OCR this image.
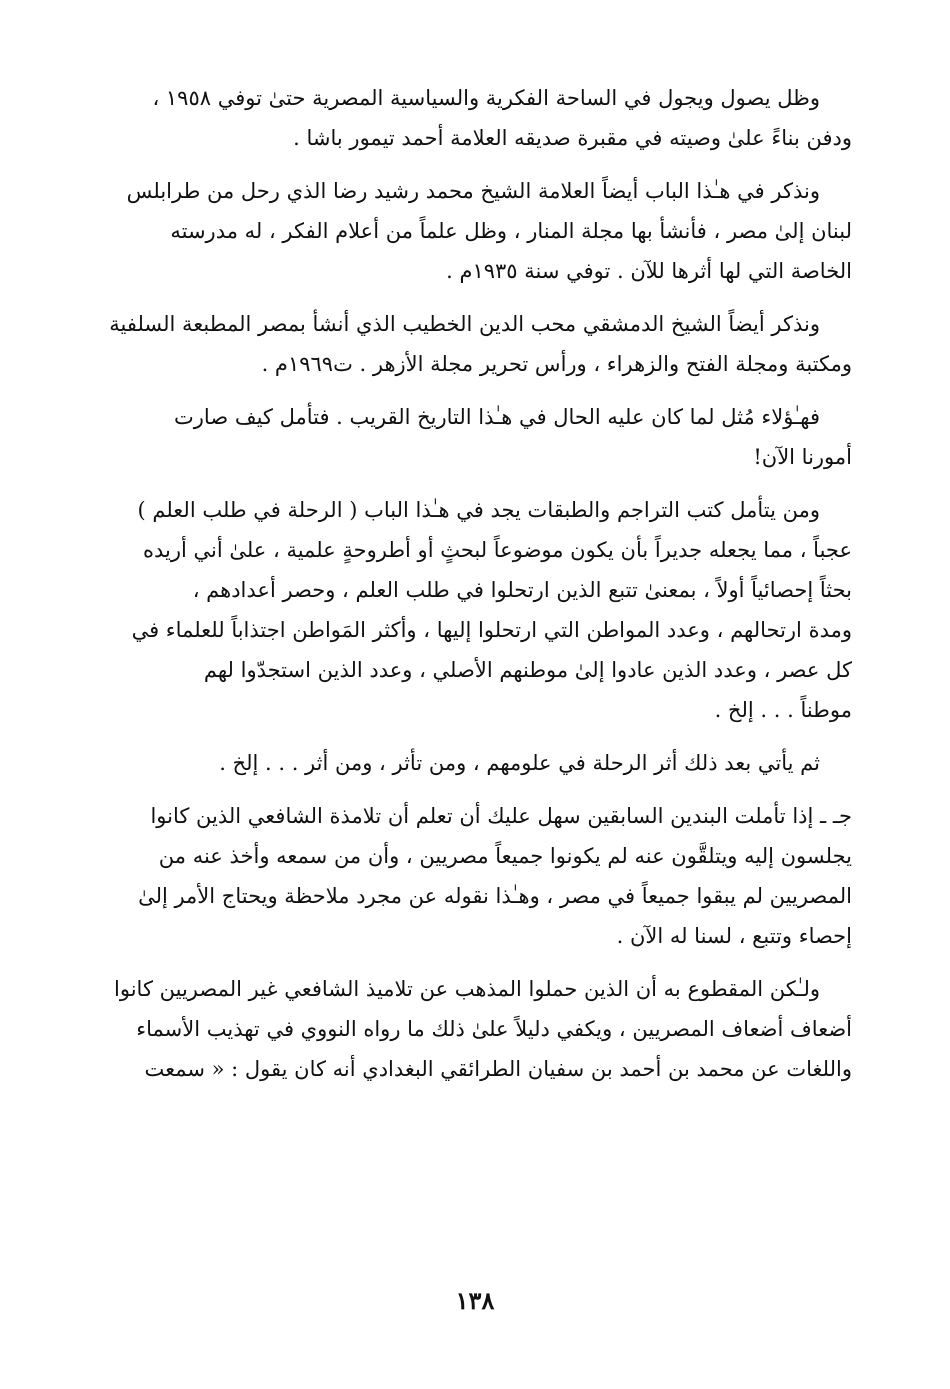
وظل يصول ويجول في الساحة الفكرية والسياسية المصرية حتىٰ توفي ١٩٥٨ ،
ودفن بناءً علىٰ وصيته في مقبرة صديقه العلامة أحمد تيمور باشا .
ونذكر في هـٰذا الباب أيضاً العلامة الشيخ محمد رشيد رضا الذي رحل من طرابلس
لبنان إلىٰ مصر ، فأنشأ بها مجلة المنار ، وظل علماً من أعلام الفكر ، له مدرسته
الخاصة التي لها أثرها للآن . توفي سنة ١٩٣٥م .
ونذكر أيضاً الشيخ الدمشقي محب الدين الخطيب الذي أنشأ بمصر المطبعة السلفية
ومكتبة ومجلة الفتح والزهراء ، ورأس تحرير مجلة الأزهر . ت١٩٦٩م .
فهـٰؤلاء مُثل لما كان عليه الحال في هـٰذا التاريخ القريب . فتأمل كيف صارت
أمورنا الآن!
ومن يتأمل كتب التراجم والطبقات يجد في هـٰذا الباب ( الرحلة في طلب العلم )
عجباً ، مما يجعله جديراً بأن يكون موضوعاً لبحثٍ أو أطروحةٍ علمية ، علىٰ أني أريده
بحثاً إحصائياً أولاً ، بمعنىٰ تتبع الذين ارتحلوا في طلب العلم ، وحصر أعدادهم ،
ومدة ارتحالهم ، وعدد المواطن التي ارتحلوا إليها ، وأكثر المَواطن اجتذاباً للعلماء في
كل عصر ، وعدد الذين عادوا إلىٰ موطنهم الأصلي ، وعدد الذين استجدّوا لهم
موطناً . . . إلخ .
ثم يأتي بعد ذلك أثر الرحلة في علومهم ، ومن تأثر ، ومن أثر . . . إلخ .
جـ ـ إذا تأملت البندين السابقين سهل عليك أن تعلم أن تلامذة الشافعي الذين كانوا
يجلسون إليه ويتلقَّون عنه لم يكونوا جميعاً مصريين ، وأن من سمعه وأخذ عنه من
المصريين لم يبقوا جميعاً في مصر ، وهـٰذا نقوله عن مجرد ملاحظة ويحتاج الأمر إلىٰ
إحصاء وتتبع ، لسنا له الآن .
ولـٰكن المقطوع به أن الذين حملوا المذهب عن تلاميذ الشافعي غير المصريين كانوا
أضعاف أضعاف المصريين ، ويكفي دليلاً علىٰ ذلك ما رواه النووي في تهذيب الأسماء
واللغات عن محمد بن أحمد بن سفيان الطرائقي البغدادي أنه كان يقول : « سمعت
١٣٨
